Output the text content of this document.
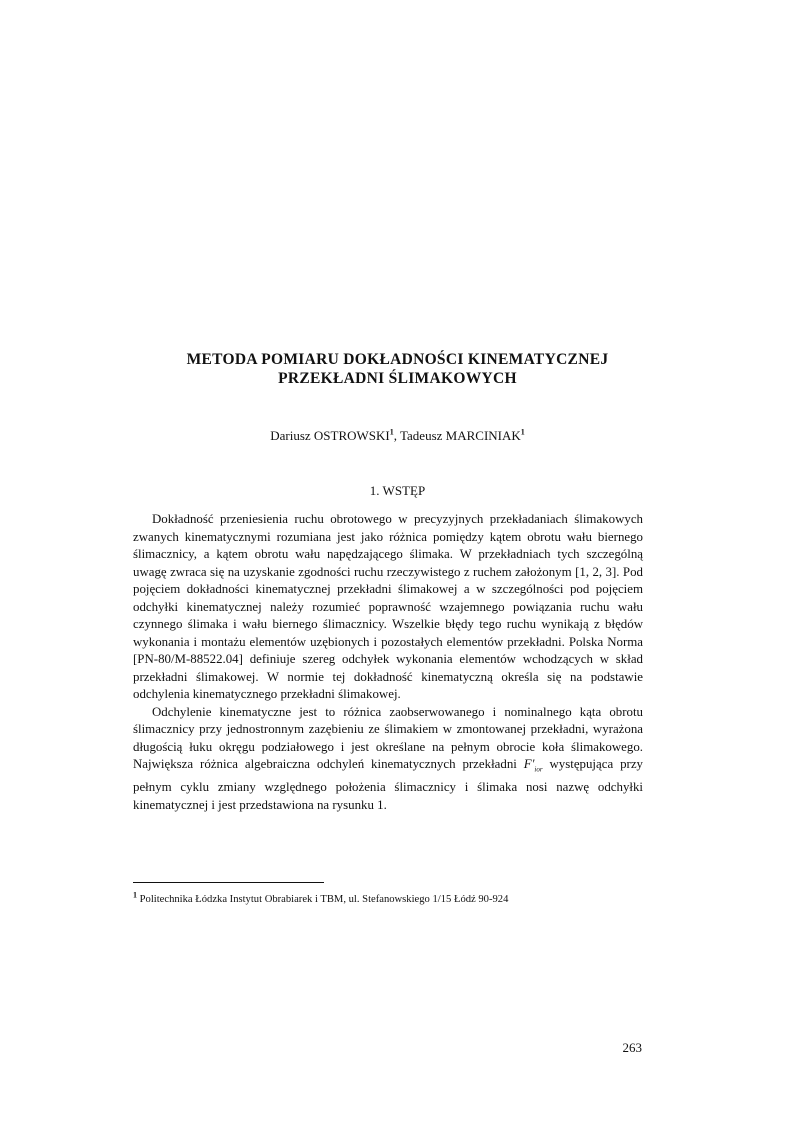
METODA POMIARU DOKŁADNOŚCI KINEMATYCZNEJ
PRZEKŁADNI ŚLIMAKOWYCH
Dariusz OSTROWSKI$^1$, Tadeusz MARCINIAK$^1$
1. WSTĘP

Dokładność przeniesienia ruchu obrotowego w precyzyjnych przekładaniach ślimakowych zwanych kinematycznymi rozumiana jest jako różnica pomiędzy kątem obrotu wału biernego ślimacznicy, a kątem obrotu wału napędzającego ślimaka. W przekładniach tych szczególną uwagę zwraca się na uzyskanie zgodności ruchu rzeczywistego z ruchem założonym [1, 2, 3]. Pod pojęciem dokładności kinematycznej przekładni ślimakowej a w szczególności pod pojęciem odchyłki kinematycznej należy rozumieć poprawność wzajemnego powiązania ruchu wału czynnego ślimaka i wału biernego ślimacznicy. Wszelkie błędy tego ruchu wynikają z błędów wykonania i montażu elementów uzębionych i pozostałych elementów przekładni. Polska Norma [PN-80/M-88522.04] definiuje szereg odchyłek wykonania elementów wchodzących w skład przekładni ślimakowej. W normie tej dokładność kinematyczną określa się na podstawie odchylenia kinematycznego przekładni ślimakowej.

Odchylenie kinematyczne jest to różnica zaobserwowanego i nominalnego kąta obrotu ślimacznicy przy jednostronnym zazębieniu ze ślimakiem w zmontowanej przekładni, wyrażona długością łuku okręgu podziałowego i jest określane na pełnym obrocie koła ślimakowego. Największa różnica algebraiczna odchyleń kinematycznych przekładni $F'_{ior}$ występująca przy pełnym cyklu zmiany względnego położenia ślimacznicy i ślimaka nosi nazwę odchyłki kinematycznej i jest przedstawiona na rysunku 1.

$^1$ Politechnika Łódzka Instytut Obrabiarek i TBM, ul. Stefanowskiego 1/15 Łódź 90-924
263
